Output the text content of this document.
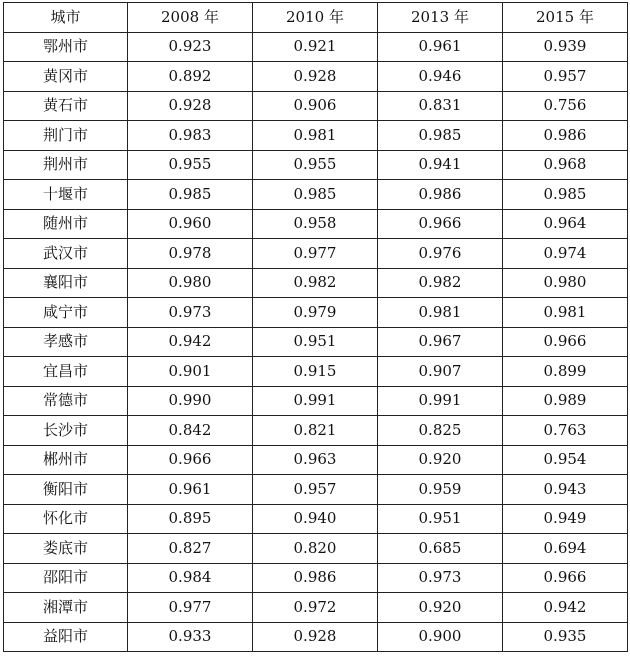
城市	2008 年	2010 年	2013 年	2015 年
鄂州市	0.923	0.921	0.961	0.939
黄冈市	0.892	0.928	0.946	0.957
黄石市	0.928	0.906	0.831	0.756
荆门市	0.983	0.981	0.985	0.986
荆州市	0.955	0.955	0.941	0.968
十堰市	0.985	0.985	0.986	0.985
随州市	0.960	0.958	0.966	0.964
武汉市	0.978	0.977	0.976	0.974
襄阳市	0.980	0.982	0.982	0.980
咸宁市	0.973	0.979	0.981	0.981
孝感市	0.942	0.951	0.967	0.966
宜昌市	0.901	0.915	0.907	0.899
常德市	0.990	0.991	0.991	0.989
长沙市	0.842	0.821	0.825	0.763
郴州市	0.966	0.963	0.920	0.954
衡阳市	0.961	0.957	0.959	0.943
怀化市	0.895	0.940	0.951	0.949
娄底市	0.827	0.820	0.685	0.694
邵阳市	0.984	0.986	0.973	0.966
湘潭市	0.977	0.972	0.920	0.942
益阳市	0.933	0.928	0.900	0.935
